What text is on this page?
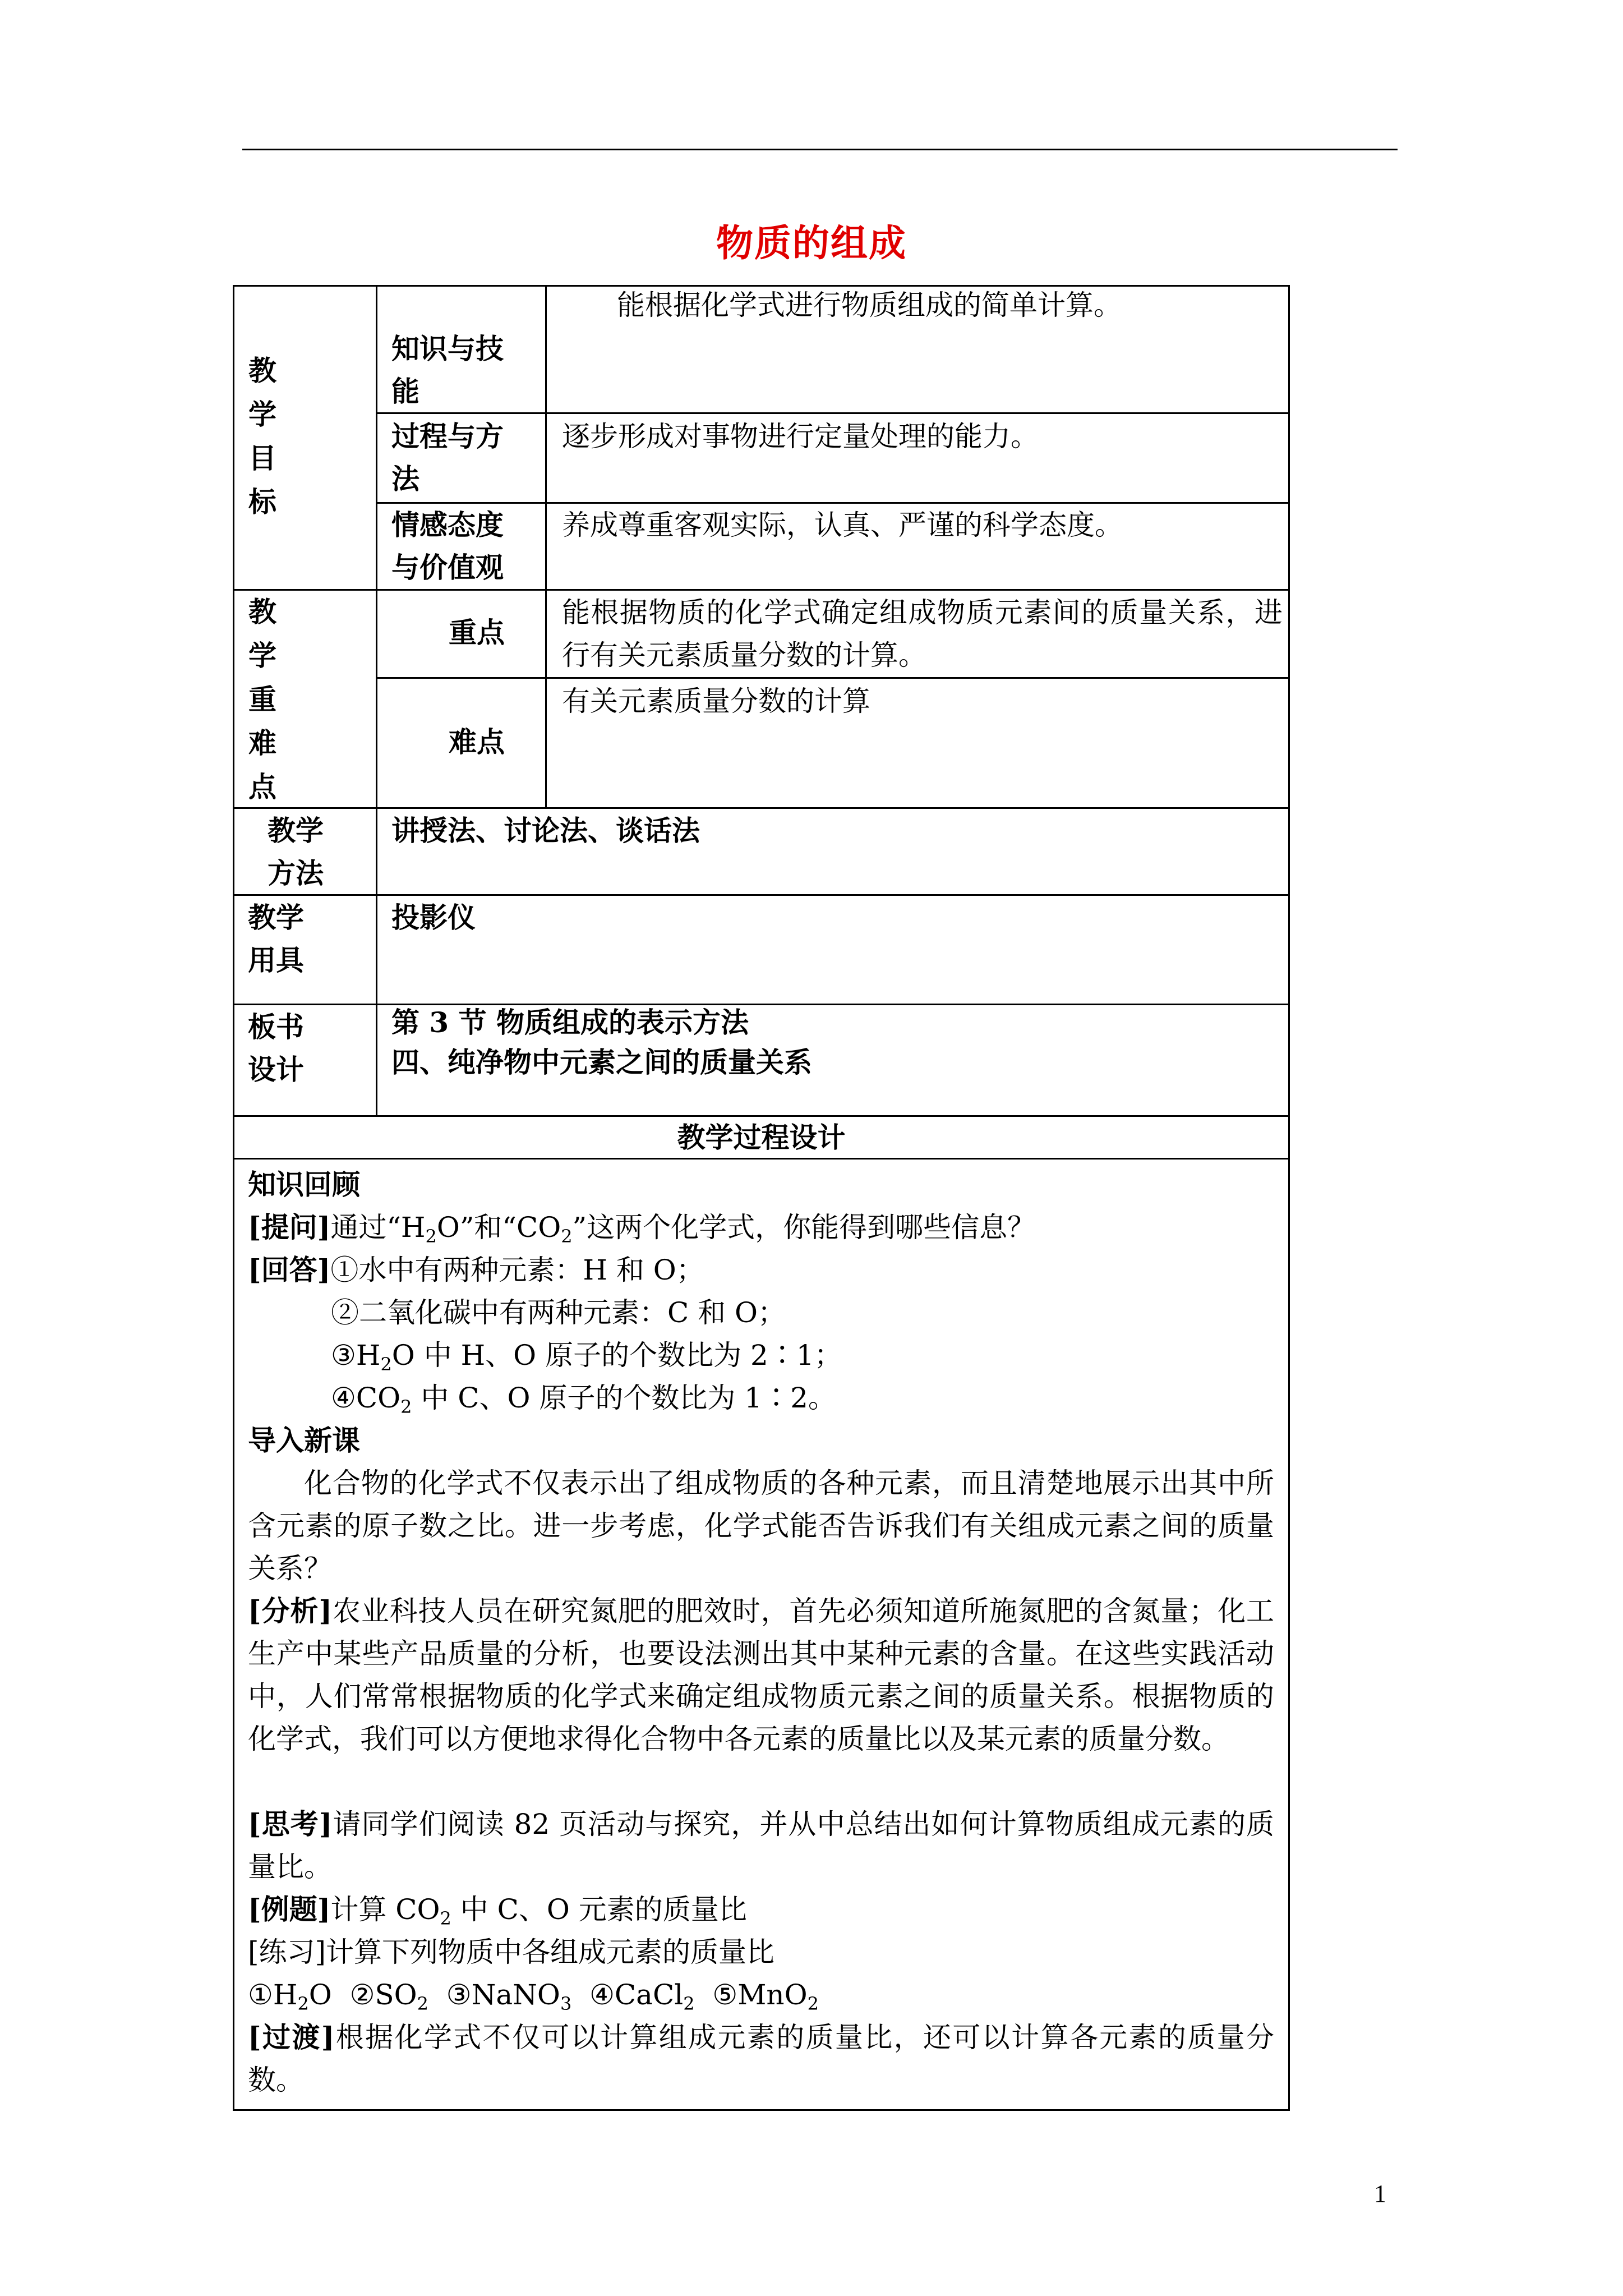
物质的组成
教学目标
知识与技能
能根据化学式进行物质组成的简单计算。
过程与方法
逐步形成对事物进行定量处理的能力。
情感态度与价值观
养成尊重客观实际，认真、严谨的科学态度。
教学重难点
重点
能根据物质的化学式确定组成物质元素间的质量关系，进行有关元素质量分数的计算。
难点
有关元素质量分数的计算
教学方法
讲授法、讨论法、谈话法
教学用具
投影仪
板书设计
第 3 节 物质组成的表示方法
四、纯净物中元素之间的质量关系
教学过程设计
知识回顾
[提问]通过“$H_2O$”和“$CO_2$”这两个化学式，你能得到哪些信息？
[回答]①水中有两种元素：H 和 O；
②二氧化碳中有两种元素：C 和 O；
$③H_2O$ 中 H、O 原子的个数比为 2∶1；
$④CO_2$ 中 C、O 原子的个数比为 1∶2。
导入新课
化合物的化学式不仅表示出了组成物质的各种元素，而且清楚地展示出其中所含元素的原子数之比。进一步考虑，化学式能否告诉我们有关组成元素之间的质量关系？
[分析]农业科技人员在研究氮肥的肥效时，首先必须知道所施氮肥的含氮量；化工生产中某些产品质量的分析，也要设法测出其中某种元素的含量。在这些实践活动中，人们常常根据物质的化学式来确定组成物质元素之间的质量关系。根据物质的化学式，我们可以方便地求得化合物中各元素的质量比以及某元素的质量分数。
[思考]请同学们阅读 82 页活动与探究，并从中总结出如何计算物质组成元素的质量比。
[例题]计算 $CO_2$ 中 C、O 元素的质量比
[练习]计算下列物质中各组成元素的质量比
$①H_2O$  $②SO_2$  ③NaNO$_3$  ④CaCl$_2$  ⑤MnO$_2$
[过渡]根据化学式不仅可以计算组成元素的质量比，还可以计算各元素的质量分数。
1
